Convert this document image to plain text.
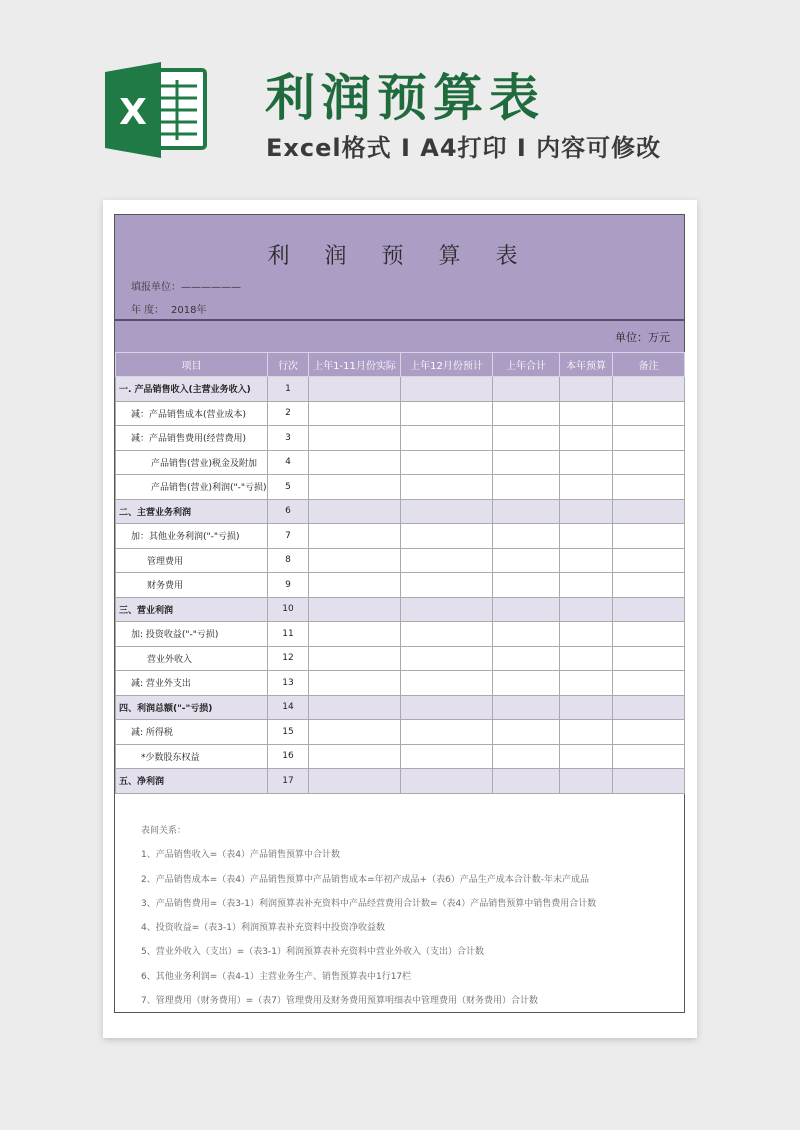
X 利润预算表
Excel格式 I A4打印 I 内容可修改
利 润 预 算 表
填报单位：——————
年 度： 2018年
单位：万元
项目	行次	上年1-11月份实际	上年12月份预计	上年合计	本年预算	备注
一. 产品销售收入(主营业务收入)	1					
减：产品销售成本(营业成本)	2					
减：产品销售费用(经营费用)	3					
产品销售(营业)税金及附加	4					
产品销售(营业)利润("-"亏损)	5					
二、主营业务利润	6					
加：其他业务利润("-"亏损)	7					
管理费用	8					
财务费用	9					
三、营业利润	10					
加: 投资收益("-"亏损)	11					
营业外收入	12					
减: 营业外支出	13					
四、利润总额("-"亏损)	14					
减: 所得税	15					
*少数股东权益	16					
五、净利润	17					
表间关系：
1、产品销售收入=（表4）产品销售预算中合计数
2、产品销售成本=（表4）产品销售预算中产品销售成本=年初产成品+（表6）产品生产成本合计数-年末产成品
3、产品销售费用=（表3-1）利润预算表补充资料中产品经营费用合计数=（表4）产品销售预算中销售费用合计数
4、投资收益=（表3-1）利润预算表补充资料中投资净收益数
5、营业外收入（支出）=（表3-1）利润预算表补充资料中营业外收入（支出）合计数
6、其他业务利润=（表4-1）主营业务生产、销售预算表中1行17栏
7、管理费用（财务费用）=（表7）管理费用及财务费用预算明细表中管理费用（财务费用）合计数
